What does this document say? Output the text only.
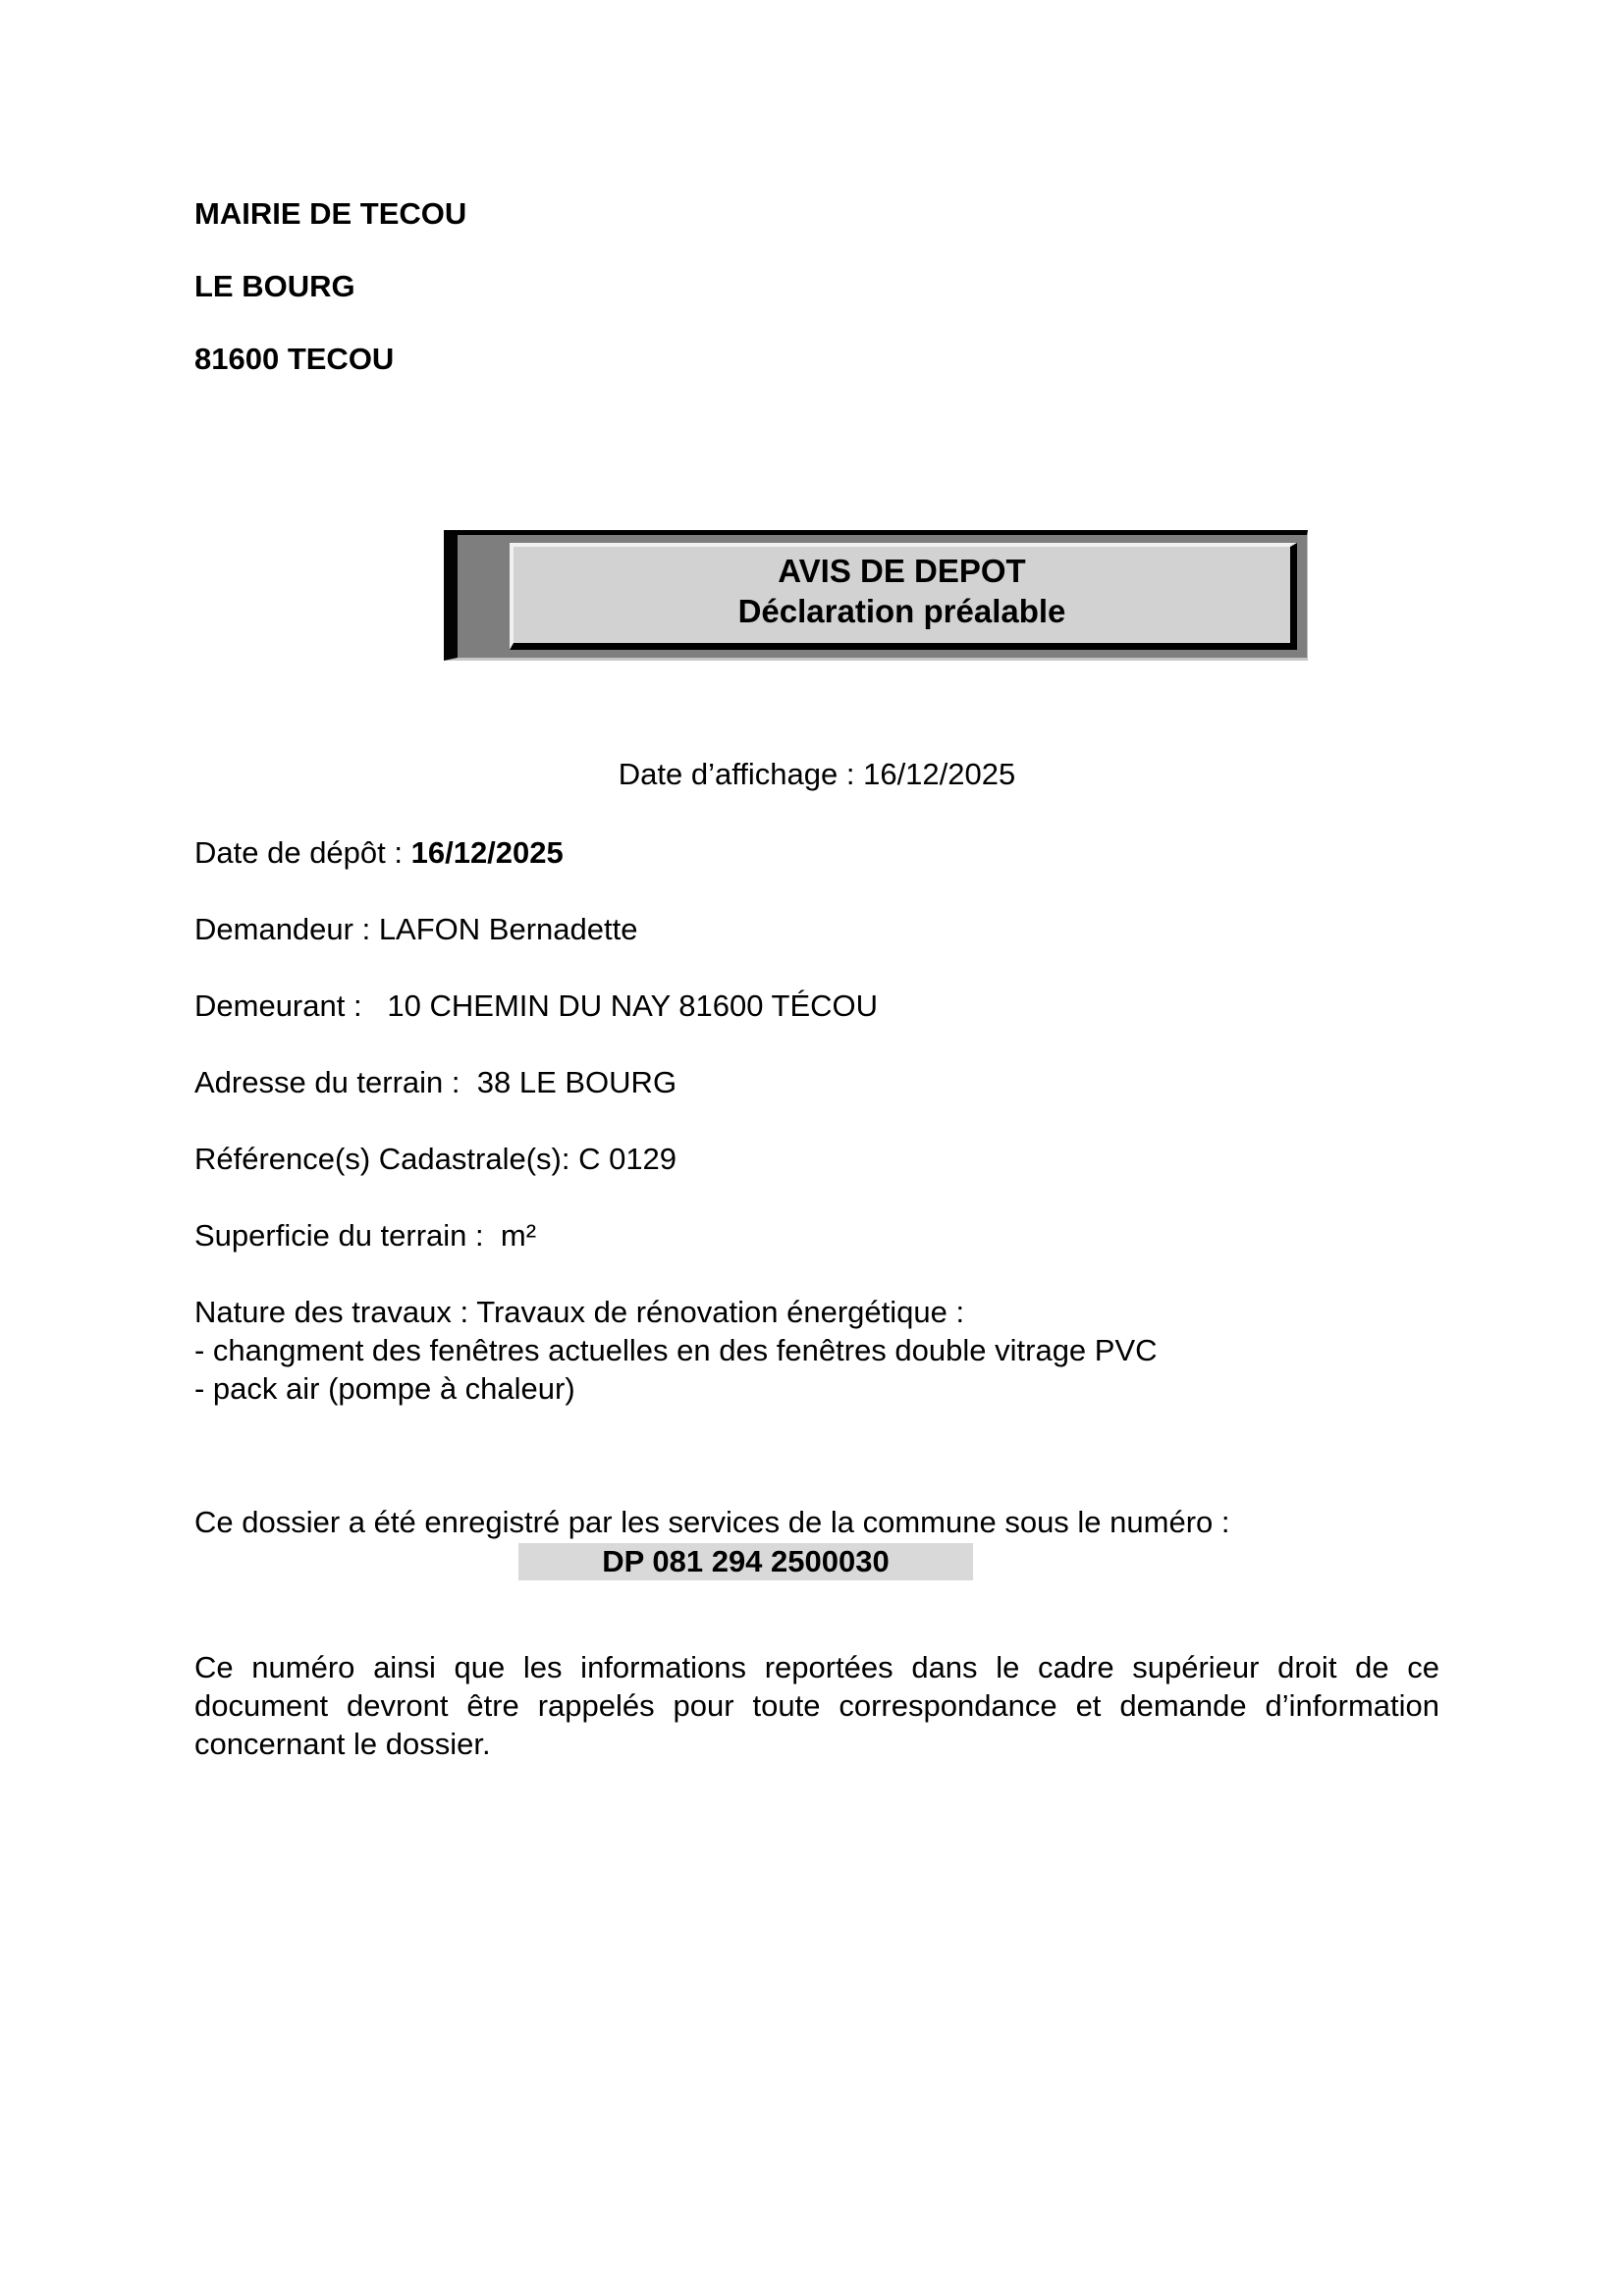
MAIRIE DE TECOU

LE BOURG

81600 TECOU

AVIS DE DEPOT

Déclaration préalable

Date d’affichage : 16/12/2025

Date de dépôt : 16/12/2025

Demandeur : LAFON Bernadette

Demeurant :   10 CHEMIN DU NAY 81600 TÉCOU

Adresse du terrain :  38 LE BOURG

Référence(s) Cadastrale(s): C 0129

Superficie du terrain :  m²

Nature des travaux : Travaux de rénovation énergétique :

- changment des fenêtres actuelles en des fenêtres double vitrage PVC

- pack air (pompe à chaleur)

Ce dossier a été enregistré par les services de la commune sous le numéro :

DP 081 294 2500030

Ce numéro ainsi que les informations reportées dans le cadre supérieur droit de ce document devront être rappelés pour toute correspondance et demande d’information concernant le dossier.
